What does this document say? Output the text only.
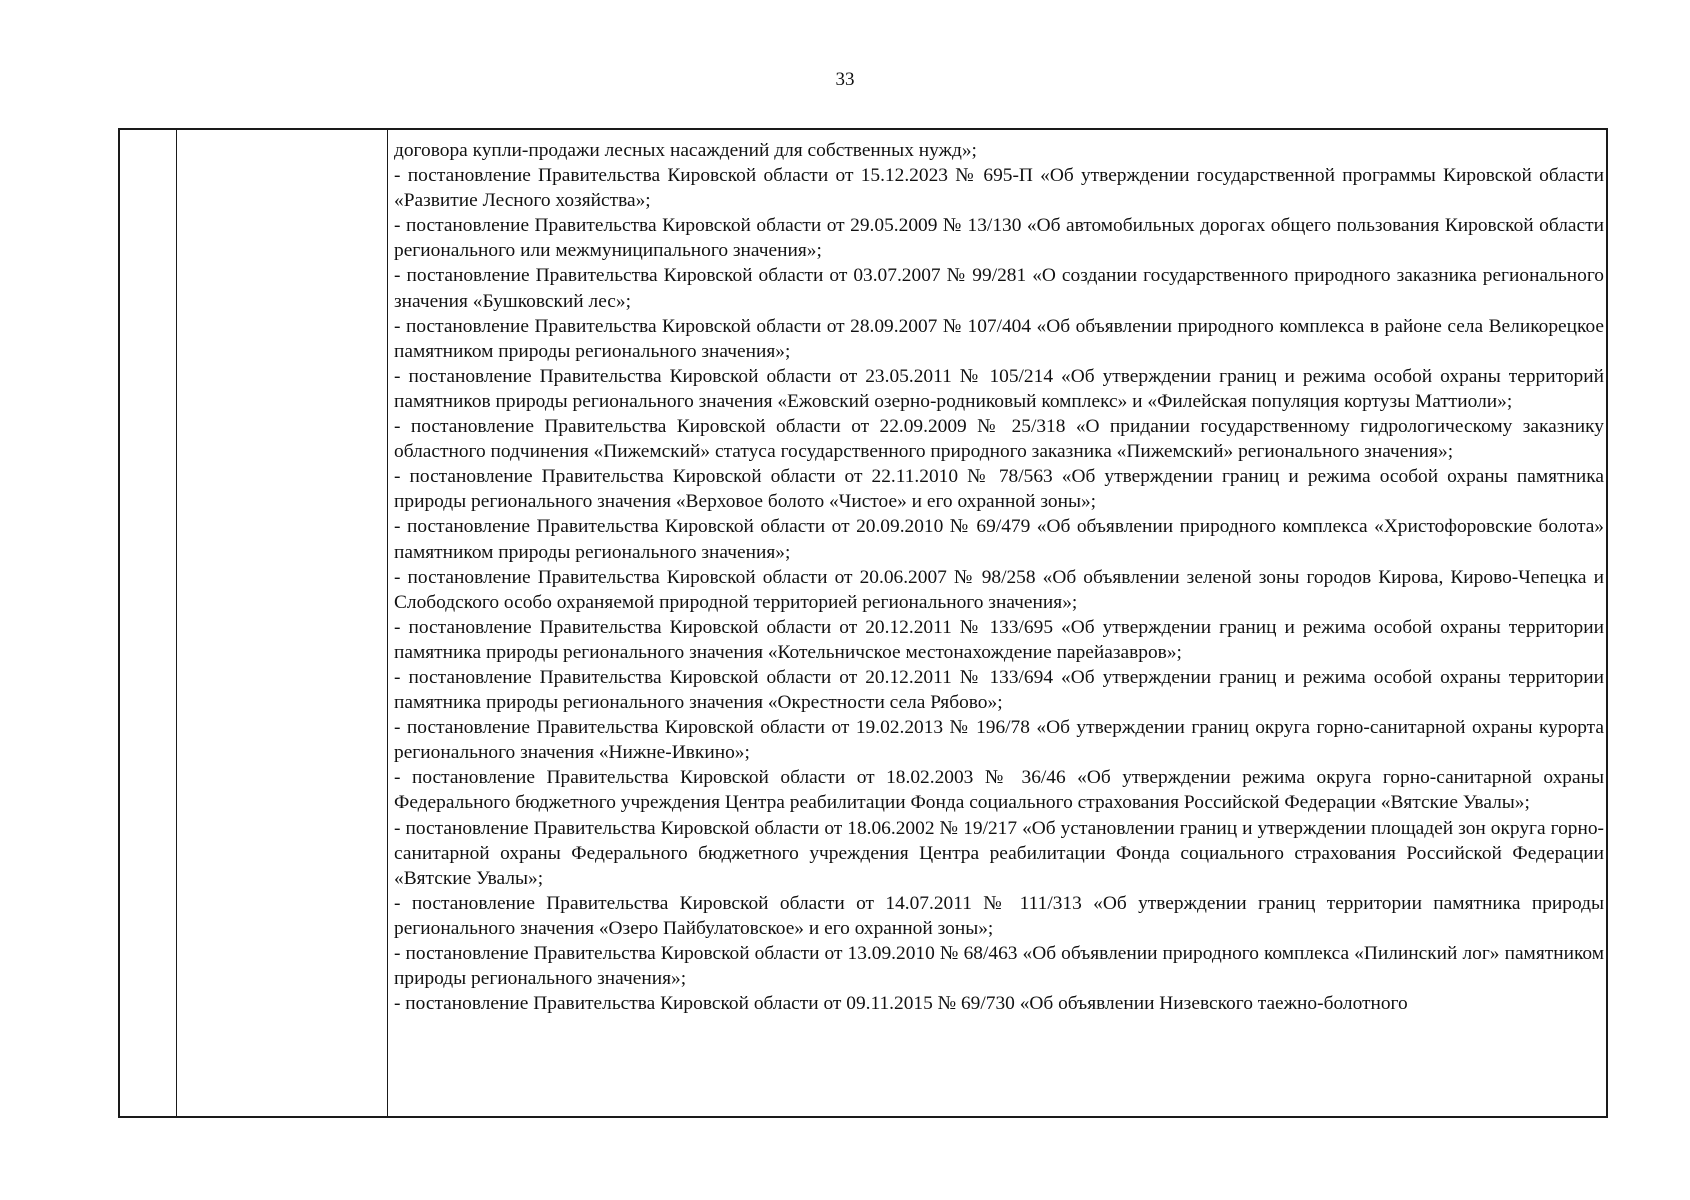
33

договора купли-продажи лесных насаждений для собственных нужд»;

- постановление Правительства Кировской области от 15.12.2023 № 695-П «Об утверждении государственной программы Кировской области «Развитие Лесного хозяйства»;

- постановление Правительства Кировской области от 29.05.2009 № 13/130 «Об автомобильных дорогах общего пользования Кировской области регионального или межмуниципального значения»;

- постановление Правительства Кировской области от 03.07.2007 № 99/281 «О создании государственного природного заказника регионального значения «Бушковский лес»;

- постановление Правительства Кировской области от 28.09.2007 № 107/404 «Об объявлении природного комплекса в районе села Великорецкое памятником природы регионального значения»;

- постановление Правительства Кировской области от 23.05.2011 № 105/214 «Об утверждении границ и режима особой охраны территорий памятников природы регионального значения «Ежовский озерно-родниковый комплекс» и «Филейская популяция кортузы Маттиоли»;

- постановление Правительства Кировской области от 22.09.2009 № 25/318 «О придании государственному гидрологическому заказнику областного подчинения «Пижемский» статуса государственного природного заказника «Пижемский» регионального значения»;

- постановление Правительства Кировской области от 22.11.2010 № 78/563 «Об утверждении границ и режима особой охраны памятника природы регионального значения «Верховое болото «Чистое» и его охранной зоны»;

- постановление Правительства Кировской области от 20.09.2010 № 69/479 «Об объявлении природного комплекса «Христофоровские болота» памятником природы регионального значения»;

- постановление Правительства Кировской области от 20.06.2007 № 98/258 «Об объявлении зеленой зоны городов Кирова, Кирово-Чепецка и Слободского особо охраняемой природной территорией регионального значения»;

- постановление Правительства Кировской области от 20.12.2011 № 133/695 «Об утверждении границ и режима особой охраны территории памятника природы регионального значения «Котельничское местонахождение парейазавров»;

- постановление Правительства Кировской области от 20.12.2011 № 133/694 «Об утверждении границ и режима особой охраны территории памятника природы регионального значения «Окрестности села Рябово»;

- постановление Правительства Кировской области от 19.02.2013 № 196/78 «Об утверждении границ округа горно-санитарной охраны курорта регионального значения «Нижне-Ивкино»;

- постановление Правительства Кировской области от 18.02.2003 № 36/46 «Об утверждении режима округа горно-санитарной охраны Федерального бюджетного учреждения Центра реабилитации Фонда социального страхования Российской Федерации «Вятские Увалы»;

- постановление Правительства Кировской области от 18.06.2002 № 19/217 «Об установлении границ и утверждении площадей зон округа горно-санитарной охраны Федерального бюджетного учреждения Центра реабилитации Фонда социального страхования Российской Федерации «Вятские Увалы»;

- постановление Правительства Кировской области от 14.07.2011 № 111/313 «Об утверждении границ территории памятника природы регионального значения «Озеро Пайбулатовское» и его охранной зоны»;

- постановление Правительства Кировской области от 13.09.2010 № 68/463 «Об объявлении природного комплекса «Пилинский лог» памятником природы регионального значения»;

- постановление Правительства Кировской области от 09.11.2015 № 69/730 «Об объявлении Низевского таежно-болотного
